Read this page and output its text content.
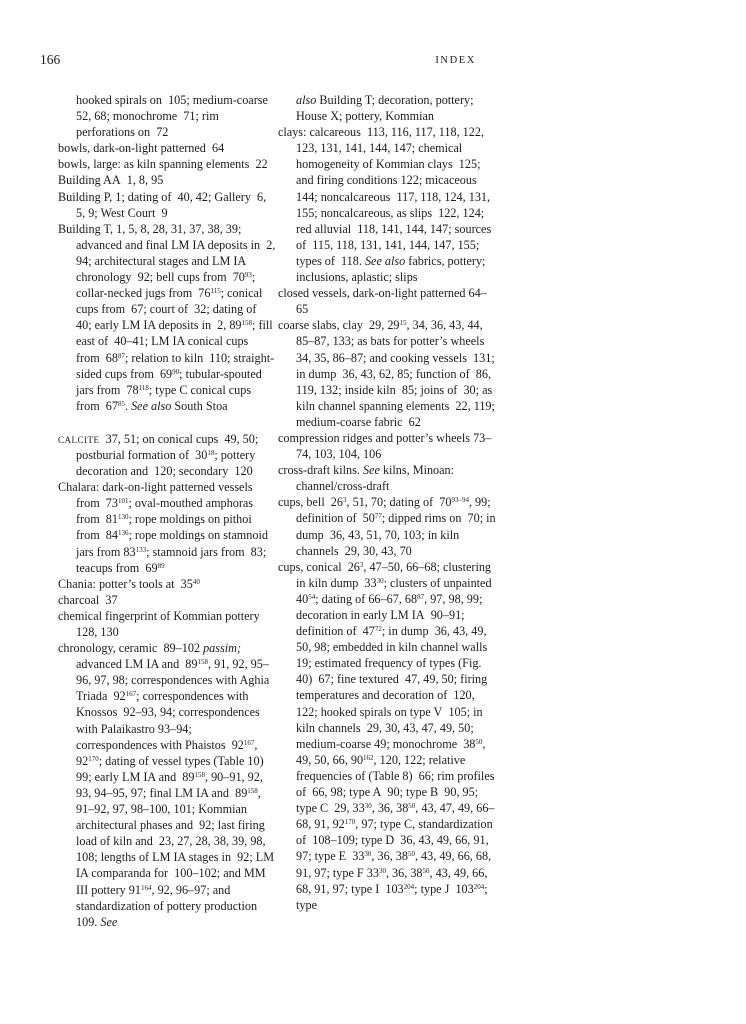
166	INDEX
hooked spirals on  105; medium-coarse  52, 68; monochrome  71; rim perforations on  72
bowls, dark-on-light patterned  64
bowls, large: as kiln spanning elements  22
Building AA  1, 8, 95
Building P, 1; dating of  40, 42; Gallery  6, 5, 9; West Court  9
Building T, 1, 5, 8, 28, 31, 37, 38, 39; advanced and final LM IA deposits in  2, 94; architectural stages and LM IA chronology  92; bell cups from  $70^{93}$; collar-necked jugs from  $76^{115}$; conical cups from  67; court of  32; dating of  40; early LM IA deposits in  2, $89^{158}$; fill east of  40–41; LM IA conical cups from  $68^{87}$; relation to kiln  110; straight-sided cups from  $69^{90}$; tubular-spouted jars from  $78^{118}$; type C conical cups from  $67^{85}$. See also South Stoa
calcite  37, 51; on conical cups  49, 50; postburial formation of  $30^{18}$; pottery decoration and  120; secondary  120
Chalara: dark-on-light patterned vessels from  $73^{101}$; oval-mouthed amphoras from  $81^{130}$; rope moldings on pithoi from  $84^{136}$; rope moldings on stamnoid jars from $83^{133}$; stamnoid jars from  83; teacups from  $69^{89}$
Chania: potter’s tools at  $35^{40}$
charcoal  37
chemical fingerprint of Kommian pottery  128, 130
chronology, ceramic  89–102 passim; advanced LM IA and  $89^{158}$, 91, 92, 95–96, 97, 98; correspondences with Aghia Triada  $92^{167}$; correspondences with Knossos  92–93, 94; correspondences with Palaikastro 93–94; correspondences with Phaistos  $92^{167}$, $92^{170}$; dating of vessel types (Table 10)  99; early LM IA and  $89^{158}$, 90–91, 92, 93, 94–95, 97; final LM IA and  $89^{158}$, 91–92, 97, 98–100, 101; Kommian architectural phases and  92; last firing load of kiln and  23, 27, 28, 38, 39, 98, 108; lengths of LM IA stages in  92; LM IA comparanda for  100–102; and MM III pottery $91^{164}$, 92, 96–97; and standardization of pottery production  109. See
also Building T; decoration, pottery; House X; pottery, Kommian
clays: calcareous  113, 116, 117, 118, 122, 123, 131, 141, 144, 147; chemical homogeneity of Kommian clays  125; and firing conditions 122; micaceous  144; noncalcareous  117, 118, 124, 131, 155; noncalcareous, as slips  122, 124; red alluvial  118, 141, 144, 147; sources of  115, 118, 131, 141, 144, 147, 155; types of  118. See also fabrics, pottery; inclusions, aplastic; slips
closed vessels, dark-on-light patterned 64–65
coarse slabs, clay  29, $29^{15}$, 34, 36, 43, 44, 85–87, 133; as bats for potter’s wheels  34, 35, 86–87; and cooking vessels  131; in dump  36, 43, 62, 85; function of  86, 119, 132; inside kiln  85; joins of  30; as kiln channel spanning elements  22, 119; medium-coarse fabric  62
compression ridges and potter’s wheels 73–74, 103, 104, 106
cross-draft kilns. See kilns, Minoan: channel/cross-draft
cups, bell  $26^3$, 51, 70; dating of  70$^{93-94}$, 99; definition of  $50^{77}$; dipped rims on  70; in dump  36, 43, 51, 70, 103; in kiln channels  29, 30, 43, 70
cups, conical  $26^3$, 47–50, 66–68; clustering in kiln dump  $33^{30}$; clusters of unpainted  $40^{54}$; dating of 66–67, $68^{87}$, 97, 98, 99; decoration in early LM IA  90–91; definition of  $47^{72}$; in dump  36, 43, 49, 50, 98; embedded in kiln channel walls 19; estimated frequency of types (Fig. 40)  67; fine textured  47, 49, 50; firing temperatures and decoration of  120, 122; hooked spirals on type V  105; in kiln channels  29, 30, 43, 47, 49, 50; medium-coarse 49; monochrome  $38^{50}$, 49, 50, 66, $90^{162}$, 120, 122; relative frequencies of (Table 8)  66; rim profiles of  66, 98; type A  90; type B  90, 95; type C  29, $33^{30}$, 36, $38^{50}$, 43, 47, 49, 66–68, 91, $92^{170}$, 97; type C, standardization of  108–109; type D  36, 43, 49, 66, 91, 97; type E  $33^{30}$, 36, $38^{50}$, 43, 49, 66, 68, 91, 97; type F $33^{30}$, 36, $38^{50}$, 43, 49, 66, 68, 91, 97; type I  $103^{204}$; type J  $103^{204}$; type
